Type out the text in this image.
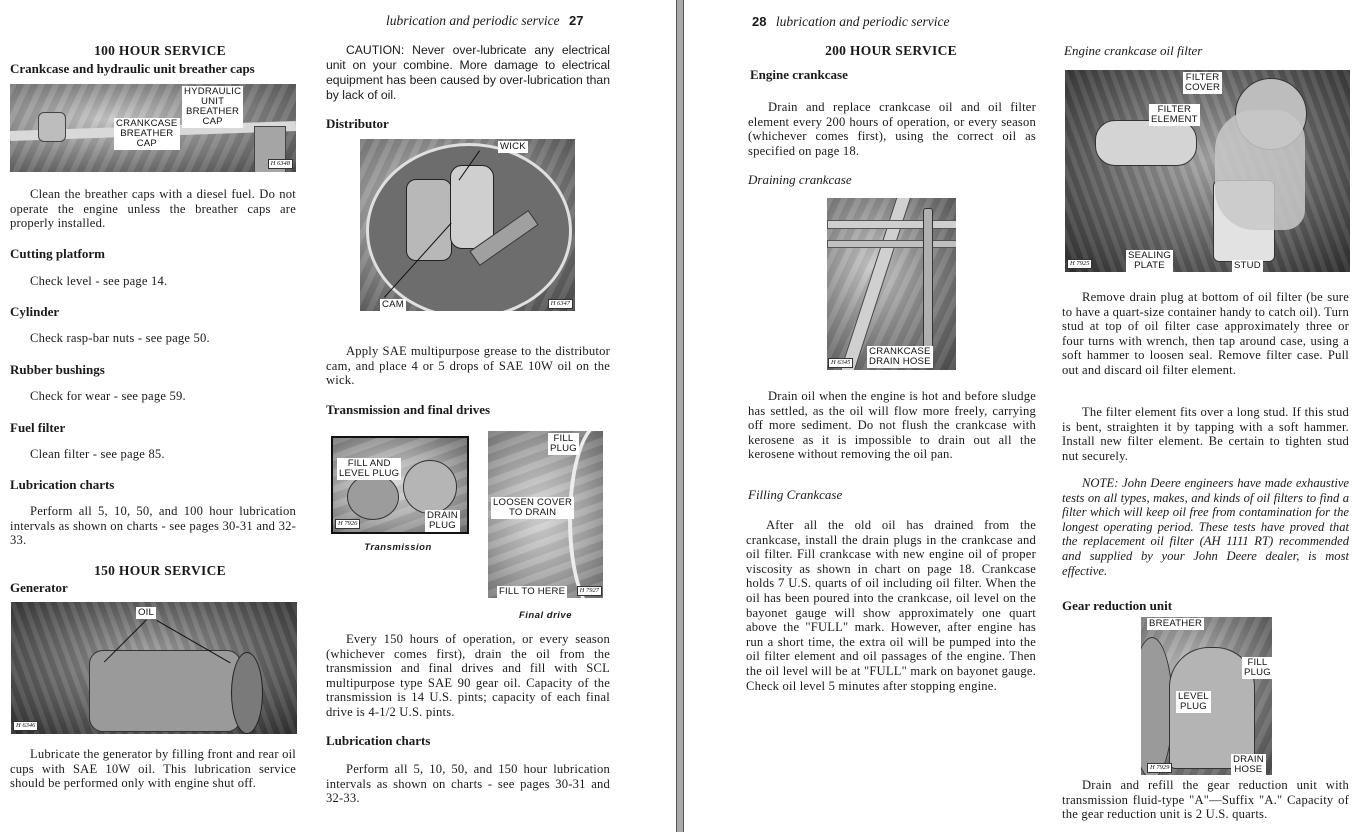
lubrication and periodic service 27
100 HOUR SERVICE
Crankcase and hydraulic unit breather caps
HYDRAULIC
UNIT
BREATHER
CAP
CRANKCASE
BREATHER
CAP
H 6348
Clean the breather caps with a diesel fuel. Do not operate the engine unless the breather caps are properly installed.
Cutting platform
Check level - see page 14.
Cylinder
Check rasp-bar nuts - see page 50.
Rubber bushings
Check for wear - see page 59.
Fuel filter
Clean filter - see page 85.
Lubrication charts
Perform all 5, 10, 50, and 100 hour lubrication intervals as shown on charts - see pages 30-31 and 32-33.
150 HOUR SERVICE
Generator
OIL
H 6346
Lubricate the generator by filling front and rear oil cups with SAE 10W oil. This lubrication service should be performed only with engine shut off.
CAUTION: Never over-lubricate any electrical unit on your combine. More damage to electrical equipment has been caused by over-lubrication than by lack of oil.
Distributor
WICK
CAM	H 6347
Apply SAE multipurpose grease to the distributor cam, and place 4 or 5 drops of SAE 10W oil on the wick.
Transmission and final drives
FILL AND
LEVEL PLUG
DRAIN
PLUG
H 7926
Transmission
FILL
PLUG
LOOSEN COVER
TO DRAIN
FILL TO HERE	H 7927
Final drive
Every 150 hours of operation, or every season (whichever comes first), drain the oil from the transmission and final drives and fill with SCL multipurpose type SAE 90 gear oil. Capacity of the transmission is 14 U.S. pints; capacity of each final drive is 4-1/2 U.S. pints.
Lubrication charts
Perform all 5, 10, 50, and 150 hour lubrication intervals as shown on charts - see pages 30-31 and 32-33.
28 lubrication and periodic service
200 HOUR SERVICE
Engine crankcase
Drain and replace crankcase oil and oil filter element every 200 hours of operation, or every season (whichever comes first), using the correct oil as specified on page 18.
Draining crankcase
CRANKCASE
DRAIN HOSE
H 6345
Drain oil when the engine is hot and before sludge has settled, as the oil will flow more freely, carrying off more sediment. Do not flush the crankcase with kerosene as it is impossible to drain out all the kerosene without removing the oil pan.
Filling Crankcase
After all the old oil has drained from the crankcase, install the drain plugs in the crankcase and oil filter. Fill crankcase with new engine oil of proper viscosity as shown in chart on page 18. Crankcase holds 7 U.S. quarts of oil including oil filter. When the oil has been poured into the crankcase, oil level on the bayonet gauge will show approximately one quart above the "FULL" mark. However, after engine has run a short time, the extra oil will be pumped into the oil filter element and oil passages of the engine. Then the oil level will be at "FULL" mark on bayonet gauge. Check oil level 5 minutes after stopping engine.
Engine crankcase oil filter
FILTER
COVER
FILTER
ELEMENT
SEALING
PLATE	STUD
H 7925
Remove drain plug at bottom of oil filter (be sure to have a quart-size container handy to catch oil). Turn stud at top of oil filter case approximately three or four turns with wrench, then tap around case, using a soft hammer to loosen seal. Remove filter case. Pull out and discard oil filter element.
The filter element fits over a long stud. If this stud is bent, straighten it by tapping with a soft hammer. Install new filter element. Be certain to tighten stud nut securely.
NOTE: John Deere engineers have made exhaustive tests on all types, makes, and kinds of oil filters to find a filter which will keep oil free from contamination for the longest operating period. These tests have proved that the replacement oil filter (AH 1111 RT) recommended and supplied by your John Deere dealer, is most effective.
Gear reduction unit
BREATHER
FILL
PLUG
LEVEL
PLUG
DRAIN
HOSE
H 7929
Drain and refill the gear reduction unit with transmission fluid-type "A"—Suffix "A." Capacity of the gear reduction unit is 2 U.S. quarts.
